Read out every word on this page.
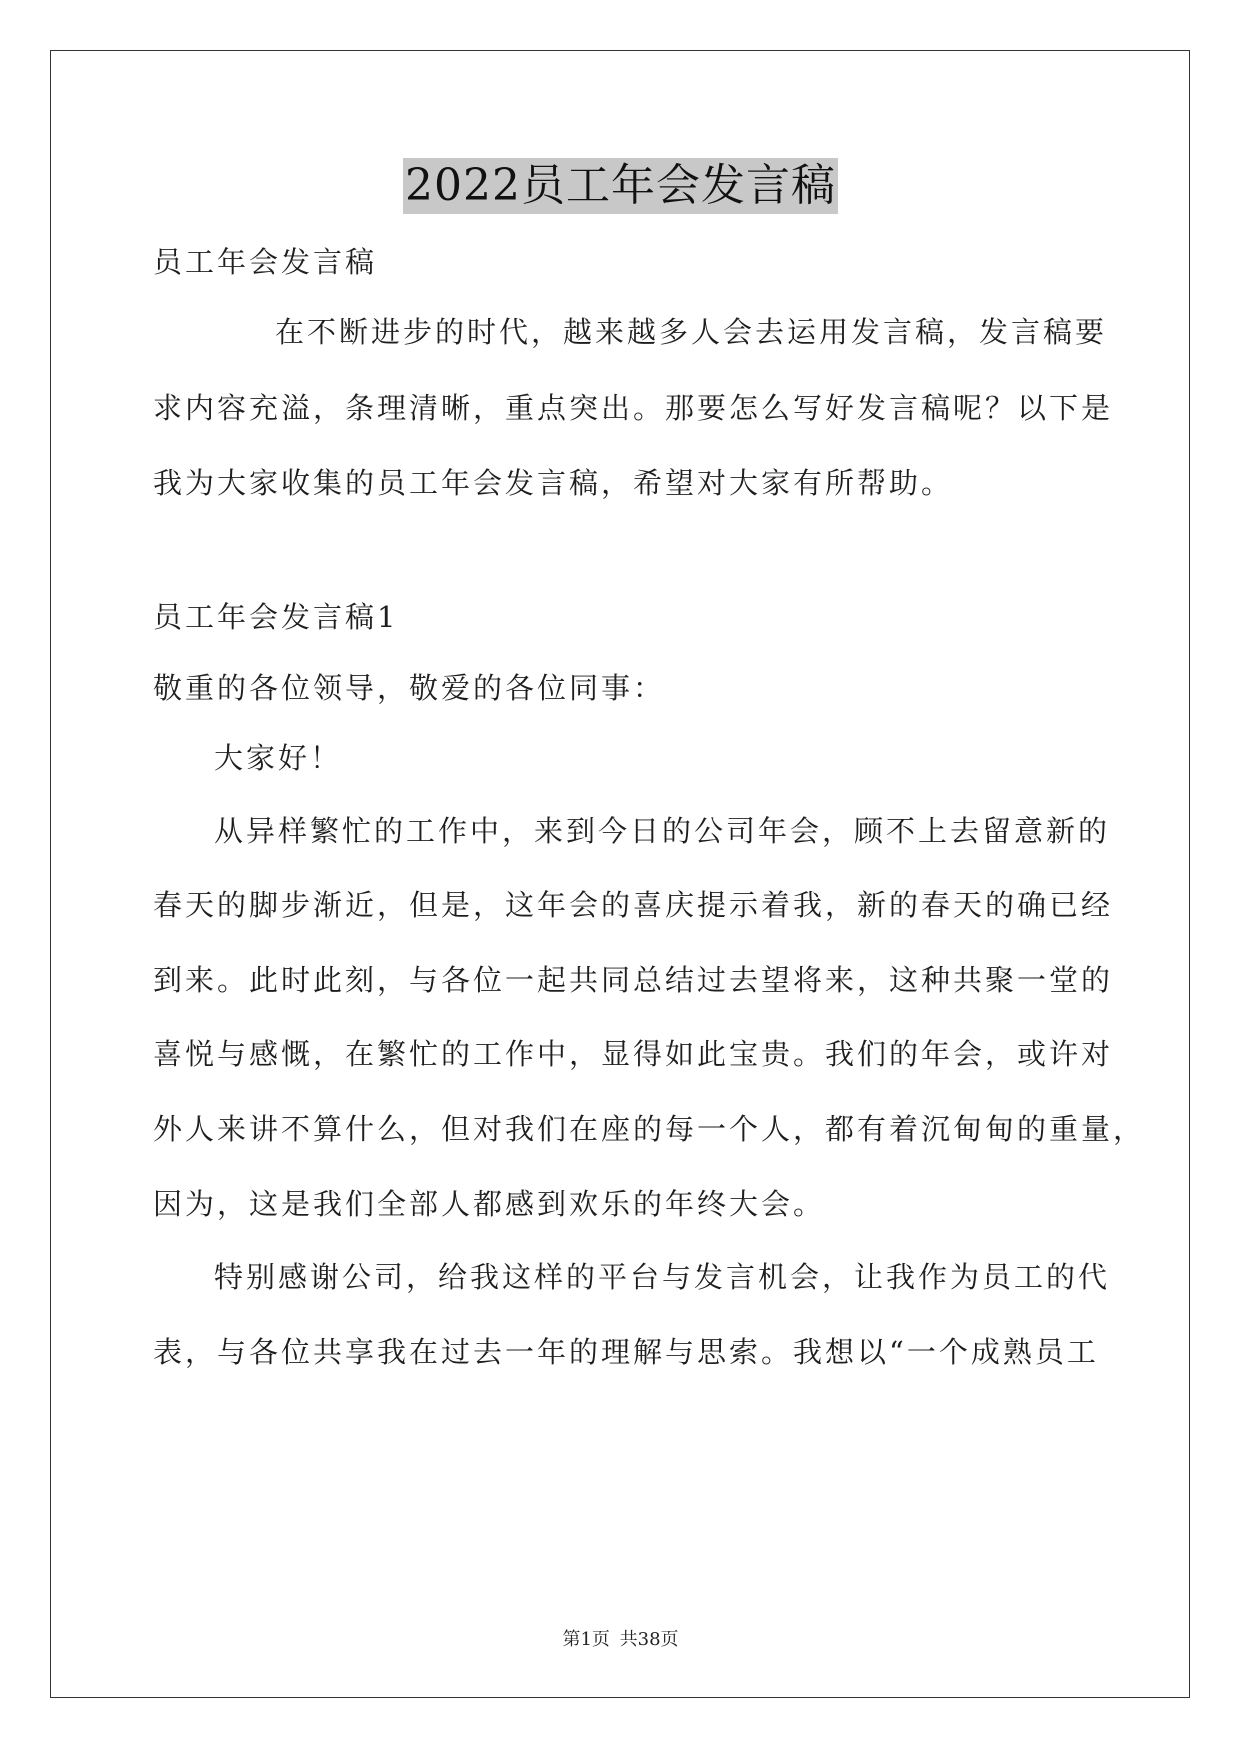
2022员工年会发言稿
员工年会发言稿
在不断进步的时代，越来越多人会去运用发言稿，发言稿要
求内容充溢，条理清晰，重点突出。那要怎么写好发言稿呢？以下是
我为大家收集的员工年会发言稿，希望对大家有所帮助。
员工年会发言稿1
敬重的各位领导，敬爱的各位同事：
大家好！
从异样繁忙的工作中，来到今日的公司年会，顾不上去留意新的
春天的脚步渐近，但是，这年会的喜庆提示着我，新的春天的确已经
到来。此时此刻，与各位一起共同总结过去望将来，这种共聚一堂的
喜悦与感慨，在繁忙的工作中，显得如此宝贵。我们的年会，或许对
外人来讲不算什么，但对我们在座的每一个人，都有着沉甸甸的重量，
因为，这是我们全部人都感到欢乐的年终大会。
特别感谢公司，给我这样的平台与发言机会，让我作为员工的代
表，与各位共享我在过去一年的理解与思索。我想以“一个成熟员工
第1页 共38页
